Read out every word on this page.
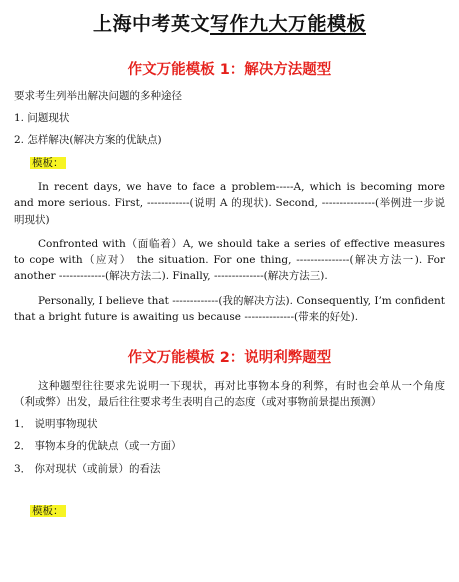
上海中考英文写作九大万能模板
作文万能模板 1：解决方法题型

要求考生列举出解决问题的多种途径

1. 问题现状

2. 怎样解决(解决方案的优缺点)

模板：

In recent days, we have to face a problem-----A, which is becoming more and more serious. First, ------------(说明 A 的现状). Second, ---------------(举例进一步说明现状)

Confronted with（面临着）A, we should take a series of effective measures to cope with（应对） the situation. For one thing, ---------------(解决方法一). For another -------------(解决方法二). Finally, --------------(解决方法三).

Personally, I believe that -------------(我的解决方法). Consequently, I’m confident that a bright future is awaiting us because --------------(带来的好处).

作文万能模板 2：说明利弊题型

这种题型往往要求先说明一下现状，再对比事物本身的利弊，有时也会单从一个角度（利或弊）出发，最后往往要求考生表明自己的态度（或对事物前景提出预测）

1． 说明事物现状

2． 事物本身的优缺点（或一方面）

3． 你对现状（或前景）的看法

模板：
